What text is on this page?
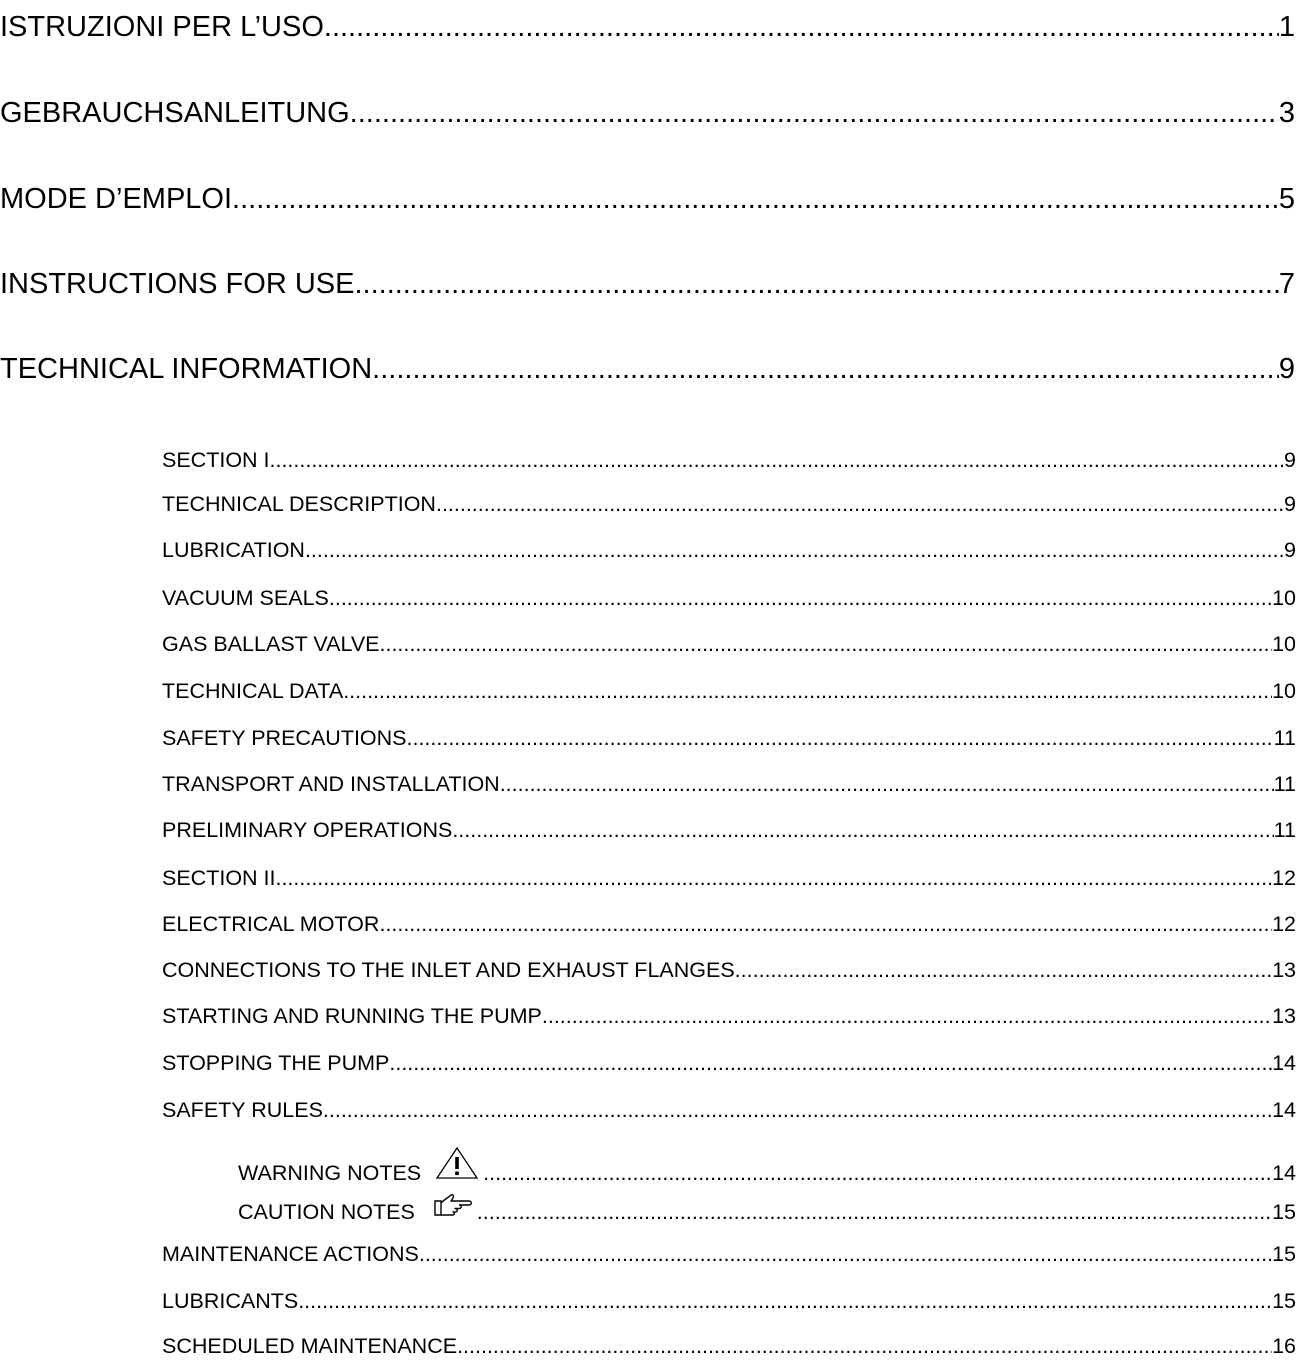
ISTRUZIONI PER L’USO .....	1
GEBRAUCHSANLEITUNG .....	3
MODE D’EMPLOI .....	5
INSTRUCTIONS FOR USE .....	7
TECHNICAL INFORMATION .....	9
SECTION I .....	9
TECHNICAL DESCRIPTION .....	9
LUBRICATION .....	9
VACUUM SEALS .....	10
GAS BALLAST VALVE .....	10
TECHNICAL DATA .....	10
SAFETY PRECAUTIONS .....	11
TRANSPORT AND INSTALLATION .....	11
PRELIMINARY OPERATIONS .....	11
SECTION II .....	12
ELECTRICAL MOTOR .....	12
CONNECTIONS TO THE INLET AND EXHAUST FLANGES .....	13
STARTING AND RUNNING THE PUMP .....	13
STOPPING THE PUMP .....	14
SAFETY RULES .....	14
WARNING NOTES .....	14
CAUTION NOTES .....	15
MAINTENANCE ACTIONS .....	15
LUBRICANTS .....	15
SCHEDULED MAINTENANCE .....	16
